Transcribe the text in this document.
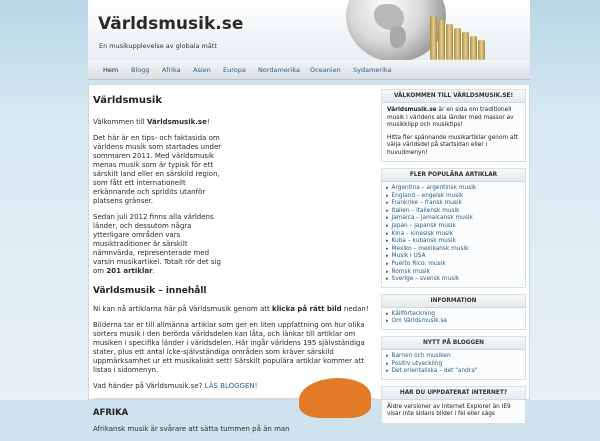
Världsmusik.se
En musikupplevelse av globala mått
Hem Blogg Afrika Asien Europa Nordamerika Oceanien Sydamerika
Världsmusik
Välkommen till Världsmusik.se!
Det här är en tips- och faktasida om världens musik som startades under sommaren 2011. Med världsmusik menas musik som är typisk för ett särskilt land eller en särskild region, som fått ett internationellt erkännande och spridits utanför platsens gränser.
Sedan juli 2012 finns alla världens länder, och dessutom några ytterligare områden vars musiktraditioner är särskilt nämnvärda, representerade med varsin musikartikel. Totalt rör det sig om 201 artiklar.
Världsmusik – innehåll
Ni kan nå artiklarna här på Världsmusik genom att klicka på rätt bild nedan!
Bilderna tar er till allmänna artiklar som ger en liten uppfattning om hur olika sorters musik i den berörda världsdelen kan låta, och länkar till artiklar om musiken i specifika länder i världsdelen. Här ingår världens 195 självständiga stater, plus ett antal icke-självständiga områden som kräver särskild uppmärksamhet ur ett musikaliskt sett! Särskilt populära artiklar kommer att listas i sidomenyn.
Vad händer på Världsmusik.se? LÄS BLOGGEN!
AFRIKA
Afrikansk musik är svårare att sätta tummen på än man
VÄLKOMMEN TILL VÄRLDSMUSIK.SE!
Världsmusik.se är en sida om traditionell musik i världens alla länder med massor av musikklipp och musiktips!
Hitta fler spännande musikartiklar genom att välja världsdel på startsidan eller i huvudmenyn!
FLER POPULÄRA ARTIKLAR
▸ Argentina – argentinsk musik
▸ England – engelsk musik
▸ Frankrike – fransk musik
▸ Italien – italiensk musik
▸ Jamaica – jamaicansk musik
▸ Japan – japansk musik
▸ Kina – kinesisk musik
▸ Kuba – kubansk musik
▸ Mexiko – mexikansk musik
▸ Musik i USA
▸ Puerto Rico: musik
▸ Romsk musik
▸ Sverige – svensk musik
INFORMATION
▸ Källförteckning
▸ Om Världsmusik.se
NYTT PÅ BLOGGEN
▸ Barnen och musiken
▸ Positiv utveckling
▸ Det orientaliska – det "andra"
HAR DU UPPDATERAT INTERNET?
Äldre versioner av Internet Explorer än IE9 visar inte sidans bilder i fel eller sägs
